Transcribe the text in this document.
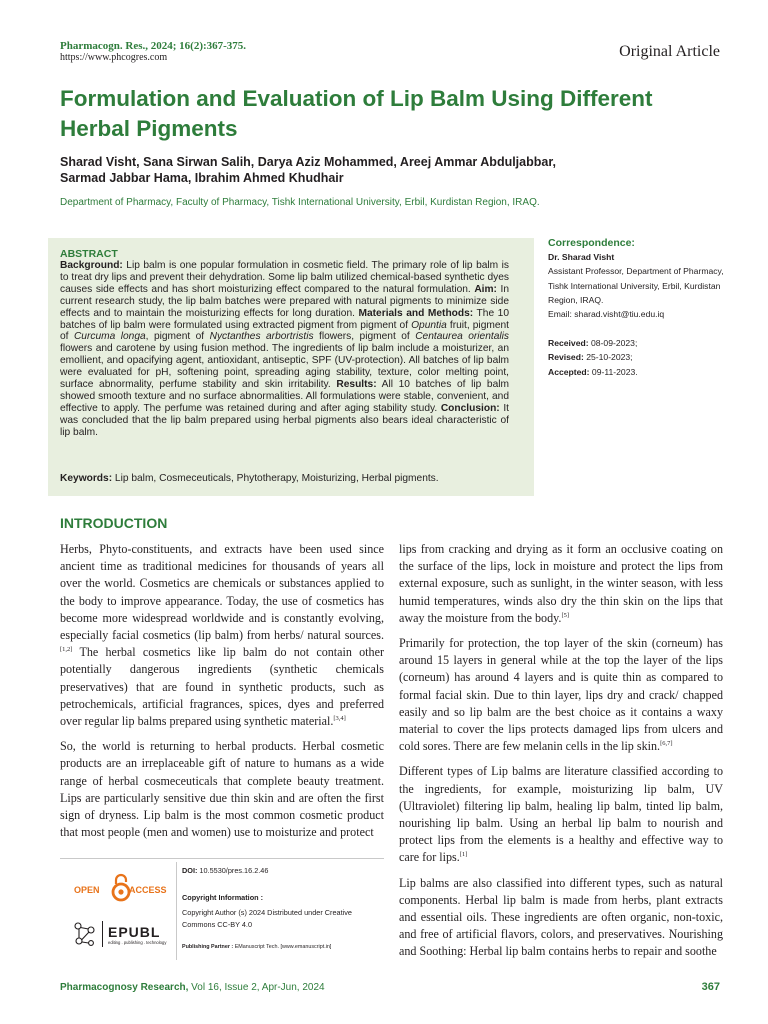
Pharmacogn. Res., 2024; 16(2):367-375.
https://www.phcogres.com	Original Article
Formulation and Evaluation of Lip Balm Using Different Herbal Pigments
Sharad Visht, Sana Sirwan Salih, Darya Aziz Mohammed, Areej Ammar Abduljabbar,
Sarmad Jabbar Hama, Ibrahim Ahmed Khudhair
Department of Pharmacy, Faculty of Pharmacy, Tishk International University, Erbil, Kurdistan Region, IRAQ.
ABSTRACT
Background: Lip balm is one popular formulation in cosmetic field. The primary role of lip balm is to treat dry lips and prevent their dehydration. Some lip balm utilized chemical-based synthetic dyes causes side effects and has short moisturizing effect compared to the natural formulation. Aim: In current research study, the lip balm batches were prepared with natural pigments to minimize side effects and to maintain the moisturizing effects for long duration. Materials and Methods: The 10 batches of lip balm were formulated using extracted pigment from pigment of Opuntia fruit, pigment of Curcuma longa, pigment of Nyctanthes arbortristis flowers, pigment of Centaurea orientalis flowers and carotene by using fusion method. The ingredients of lip balm include a moisturizer, an emollient, and opacifying agent, antioxidant, antiseptic, SPF (UV-protection). All batches of lip balm were evaluated for pH, softening point, spreading aging stability, texture, color melting point, surface abnormality, perfume stability and skin irritability. Results: All 10 batches of lip balm showed smooth texture and no surface abnormalities. All formulations were stable, convenient, and effective to apply. The perfume was retained during and after aging stability study. Conclusion: It was concluded that the lip balm prepared using herbal pigments also bears ideal characteristic of lip balm.
Keywords: Lip balm, Cosmeceuticals, Phytotherapy, Moisturizing, Herbal pigments.
Correspondence:
Dr. Sharad Visht
Assistant Professor, Department of Pharmacy, Tishk International University, Erbil, Kurdistan Region, IRAQ.
Email: sharad.visht@tiu.edu.iq
Received: 08-09-2023;
Revised: 25-10-2023;
Accepted: 09-11-2023.
INTRODUCTION

Herbs, Phyto-constituents, and extracts have been used since ancient time as traditional medicines for thousands of years all over the world. Cosmetics are chemicals or substances applied to the body to improve appearance. Today, the use of cosmetics has become more widespread worldwide and is constantly evolving, especially facial cosmetics (lip balm) from herbs/ natural sources.[1,2] The herbal cosmetics like lip balm do not contain other potentially dangerous ingredients (synthetic chemicals preservatives) that are found in synthetic products, such as petrochemicals, artificial fragrances, spices, dyes and preferred over regular lip balms prepared using synthetic material.[3,4]

So, the world is returning to herbal products. Herbal cosmetic products are an irreplaceable gift of nature to humans as a wide range of herbal cosmeceuticals that complete beauty treatment. Lips are particularly sensitive due thin skin and are often the first sign of dryness. Lip balm is the most common cosmetic product that most people (men and women) use to moisturize and protect

lips from cracking and drying as it form an occlusive coating on the surface of the lips, lock in moisture and protect the lips from external exposure, such as sunlight, in the winter season, with less humid temperatures, winds also dry the thin skin on the lips that away the moisture from the body.[5]

Primarily for protection, the top layer of the skin (corneum) has around 15 layers in general while at the top the layer of the lips (corneum) has around 4 layers and is quite thin as compared to formal facial skin. Due to thin layer, lips dry and crack/ chapped easily and so lip balm are the best choice as it contains a waxy material to cover the lips protects damaged lips from ulcers and cold sores. There are few melanin cells in the lip skin.[6,7]

Different types of Lip balms are literature classified according to the ingredients, for example, moisturizing lip balm, UV (Ultraviolet) filtering lip balm, healing lip balm, tinted lip balm, nourishing lip balm. Using an herbal lip balm to nourish and protect lips from the elements is a healthy and effective way to care for lips.[1]

Lip balms are also classified into different types, such as natural components. Herbal lip balm is made from herbs, plant extracts and essential oils. These ingredients are often organic, non-toxic, and free of artificial flavors, colors, and preservatives. Nourishing and Soothing: Herbal lip balm contains herbs to repair and soothe

OPEN	ACCESS
EPUBL
editing . publishing . technology
DOI: 10.5530/pres.16.2.46
Copyright Information :
Copyright Author (s) 2024 Distributed under Creative Commons CC-BY 4.0
Publishing Partner : EManuscript Tech. [www.emanuscript.in]
Pharmacognosy Research, Vol 16, Issue 2, Apr-Jun, 2024	367
